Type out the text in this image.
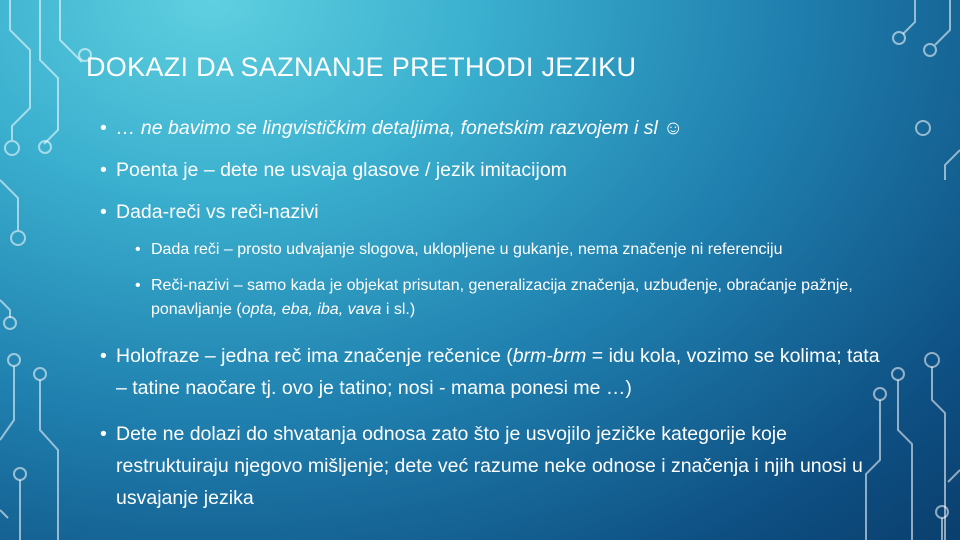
DOKAZI DA SAZNANJE PRETHODI JEZIKU
• … ne bavimo se lingvističkim detaljima, fonetskim razvojem i sl ☺
• Poenta je – dete ne usvaja glasove / jezik imitacijom
• Dada-reči vs reči-nazivi
• Dada reči – prosto udvajanje slogova, uklopljene u gukanje, nema značenje ni referenciju
• Reči-nazivi – samo kada je objekat prisutan, generalizacija značenja, uzbuđenje, obraćanje pažnje, ponavljanje (opta, eba, iba, vava i sl.)
• Holofraze – jedna reč ima značenje rečenice (brm-brm = idu kola, vozimo se kolima; tata – tatine naočare tj. ovo je tatino; nosi - mama ponesi me …)
• Dete ne dolazi do shvatanja odnosa zato što je usvojilo jezičke kategorije koje restruktuiraju njegovo mišljenje; dete već razume neke odnose i značenja i njih unosi u usvajanje jezika
